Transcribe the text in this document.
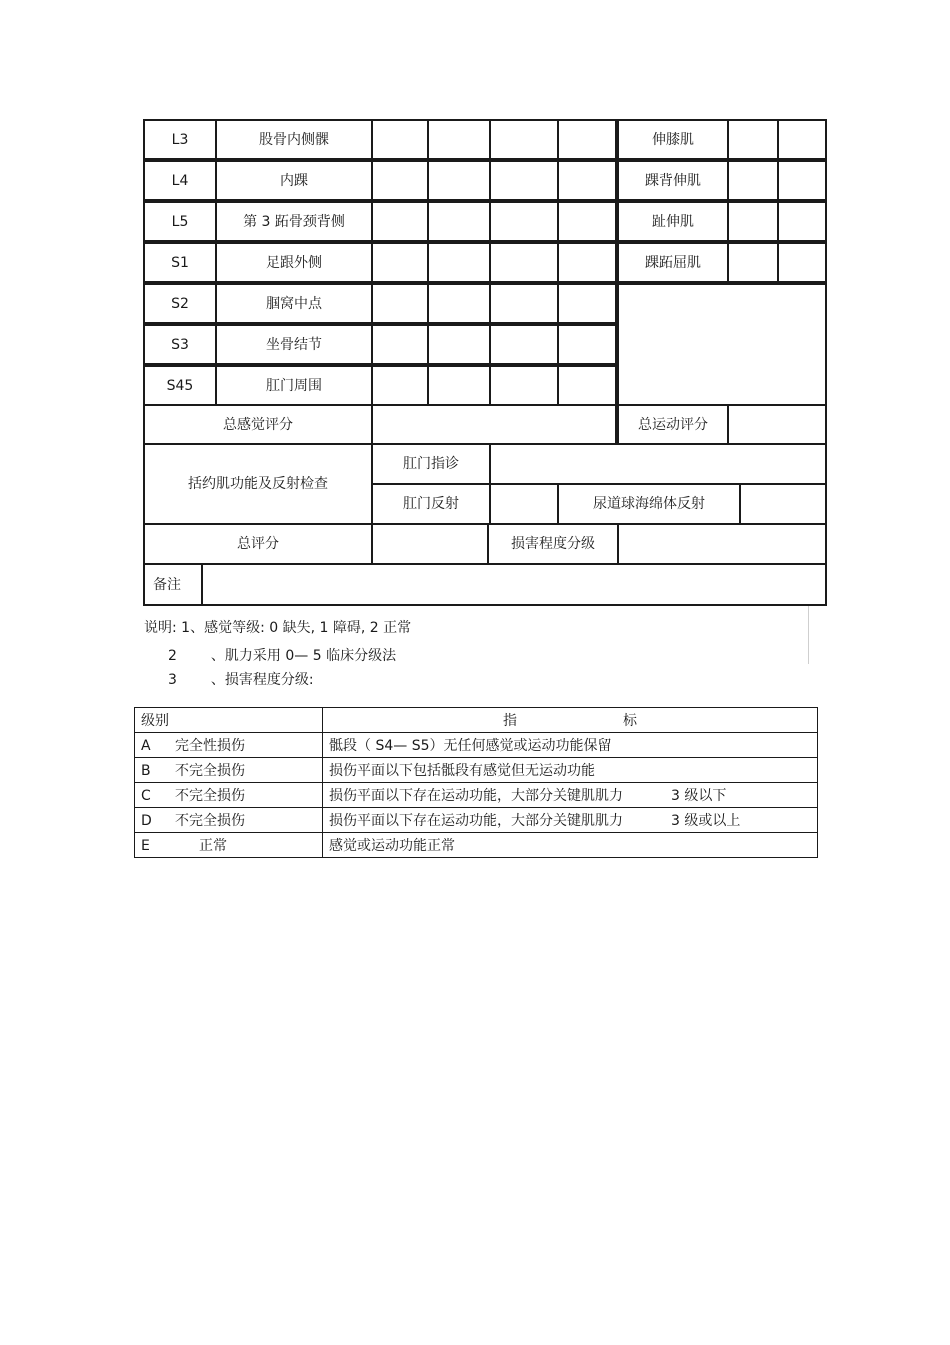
L3	股骨内侧髁	伸膝肌
L4	内踝	踝背伸肌
L5	第 3 跖骨颈背侧	趾伸肌
S1	足跟外侧	踝跖屈肌
S2	腘窝中点
S3	坐骨结节
S45	肛门周围
总感觉评分	总运动评分
括约肌功能及反射检查
肛门指诊
肛门反射	尿道球海绵体反射
总评分	损害程度分级
备注
说明: 1、感觉等级: 0 缺失, 1 障碍, 2 正常
2 、肌力采用 0— 5 临床分级法
3 、损害程度分级:
级别	指 标
A 完全性损伤	骶段（ S4— S5）无任何感觉或运动功能保留
B 不完全损伤	损伤平面以下包括骶段有感觉但无运动功能
C 不完全损伤	损伤平面以下存在运动功能，大部分关键肌肌力 3 级以下
D 不完全损伤	损伤平面以下存在运动功能，大部分关键肌肌力 3 级或以上
E 正常	感觉或运动功能正常
